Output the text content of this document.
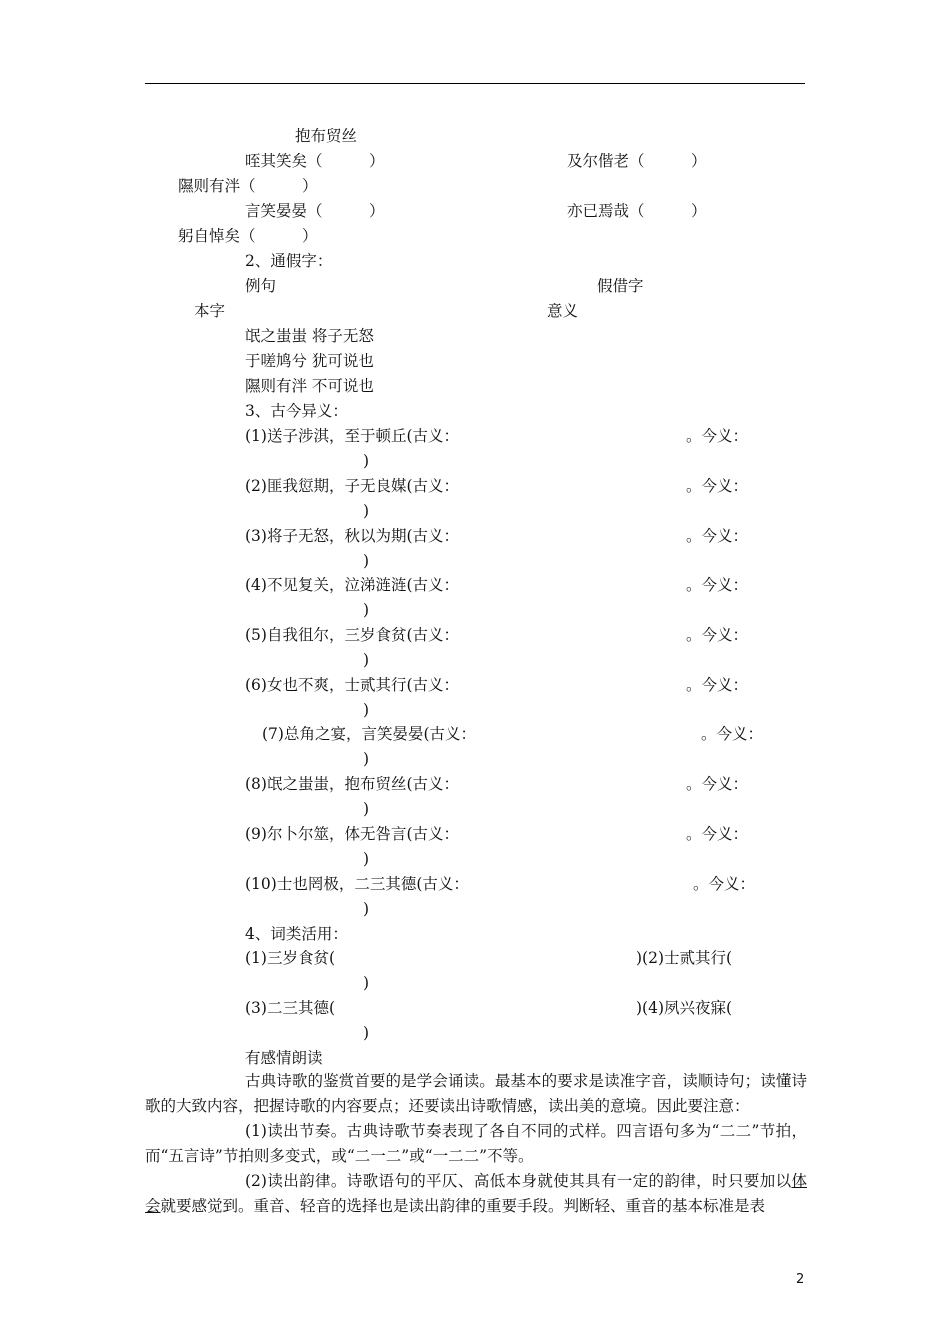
抱布贸丝
咥其笑矣（　　　）	及尔偕老（　　　）
隰则有泮（　　　）
言笑晏晏（　　　）	亦已焉哉（　　　）
躬自悼矣（　　　）
2、通假字：
例句	假借字
本字	意义
氓之蚩蚩 将子无怒
于嗟鸠兮 犹可说也
隰则有泮 不可说也
3、古今异义：
(1)送子涉淇，至于顿丘(古义：	。今义：
)
(2)匪我愆期，子无良媒(古义：	。今义：
)
(3)将子无怒，秋以为期(古义：	。今义：
)
(4)不见复关，泣涕涟涟(古义：	。今义：
)
(5)自我徂尔，三岁食贫(古义：	。今义：
)
(6)女也不爽，士贰其行(古义：	。今义：
)
(7)总角之宴，言笑晏晏(古义：	。今义：
)
(8)氓之蚩蚩，抱布贸丝(古义：	。今义：
)
(9)尔卜尔筮，体无咎言(古义：	。今义：
)
(10)士也罔极，二三其德(古义：	。今义：
)
4、词类活用：
(1)三岁食贫(	)(2)士贰其行(
)
(3)二三其德(	)(4)夙兴夜寐(
)
有感情朗读
古典诗歌的鉴赏首要的是学会诵读。最基本的要求是读准字音，读顺诗句；读懂诗歌的大致内容，把握诗歌的内容要点；还要读出诗歌情感，读出美的意境。因此要注意：
(1)读出节奏。古典诗歌节奏表现了各自不同的式样。四言语句多为“二二”节拍，而“五言诗”节拍则多变式，或“二一二”或“一二二”不等。
(2)读出韵律。诗歌语句的平仄、高低本身就使其具有一定的韵律，时只要加以体会就要感觉到。重音、轻音的选择也是读出韵律的重要手段。判断轻、重音的基本标准是表
2
